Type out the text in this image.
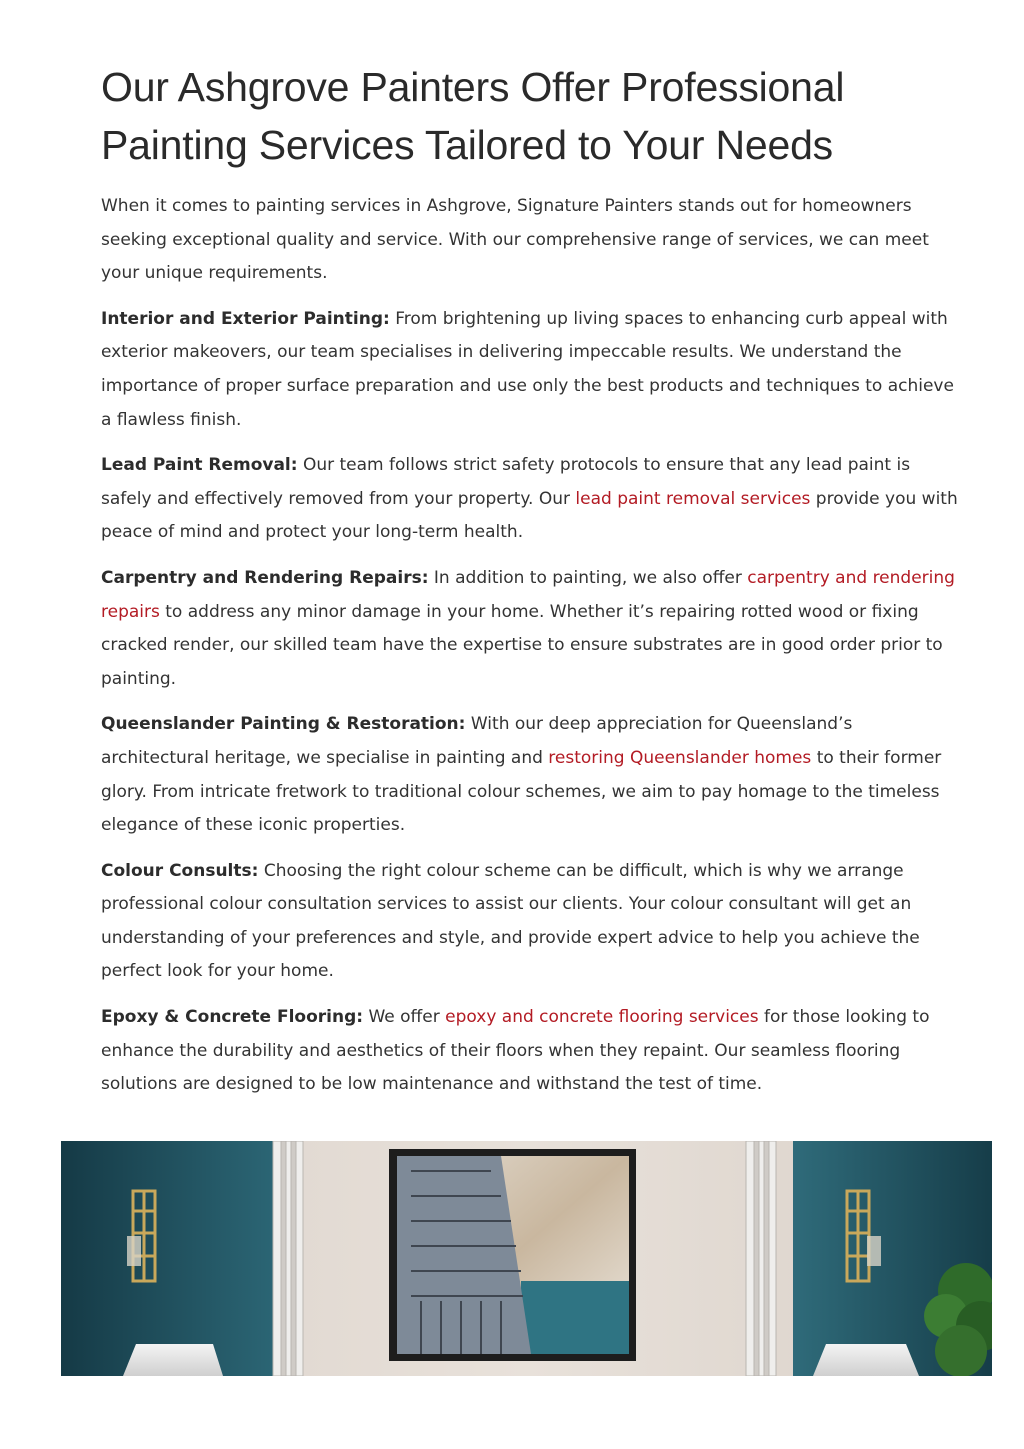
Our Ashgrove Painters Offer Professional Painting Services Tailored to Your Needs

When it comes to painting services in Ashgrove, Signature Painters stands out for homeowners seeking exceptional quality and service. With our comprehensive range of services, we can meet your unique requirements.

Interior and Exterior Painting: From brightening up living spaces to enhancing curb appeal with exterior makeovers, our team specialises in delivering impeccable results. We understand the importance of proper surface preparation and use only the best products and techniques to achieve a flawless finish.

Lead Paint Removal: Our team follows strict safety protocols to ensure that any lead paint is safely and effectively removed from your property. Our lead paint removal services provide you with peace of mind and protect your long-term health.

Carpentry and Rendering Repairs: In addition to painting, we also offer carpentry and rendering repairs to address any minor damage in your home. Whether it’s repairing rotted wood or fixing cracked render, our skilled team have the expertise to ensure substrates are in good order prior to painting.

Queenslander Painting & Restoration: With our deep appreciation for Queensland’s architectural heritage, we specialise in painting and restoring Queenslander homes to their former glory. From intricate fretwork to traditional colour schemes, we aim to pay homage to the timeless elegance of these iconic properties.

Colour Consults: Choosing the right colour scheme can be difficult, which is why we arrange professional colour consultation services to assist our clients. Your colour consultant will get an understanding of your preferences and style, and provide expert advice to help you achieve the perfect look for your home.

Epoxy & Concrete Flooring: We offer epoxy and concrete flooring services for those looking to enhance the durability and aesthetics of their floors when they repaint. Our seamless flooring solutions are designed to be low maintenance and withstand the test of time.
